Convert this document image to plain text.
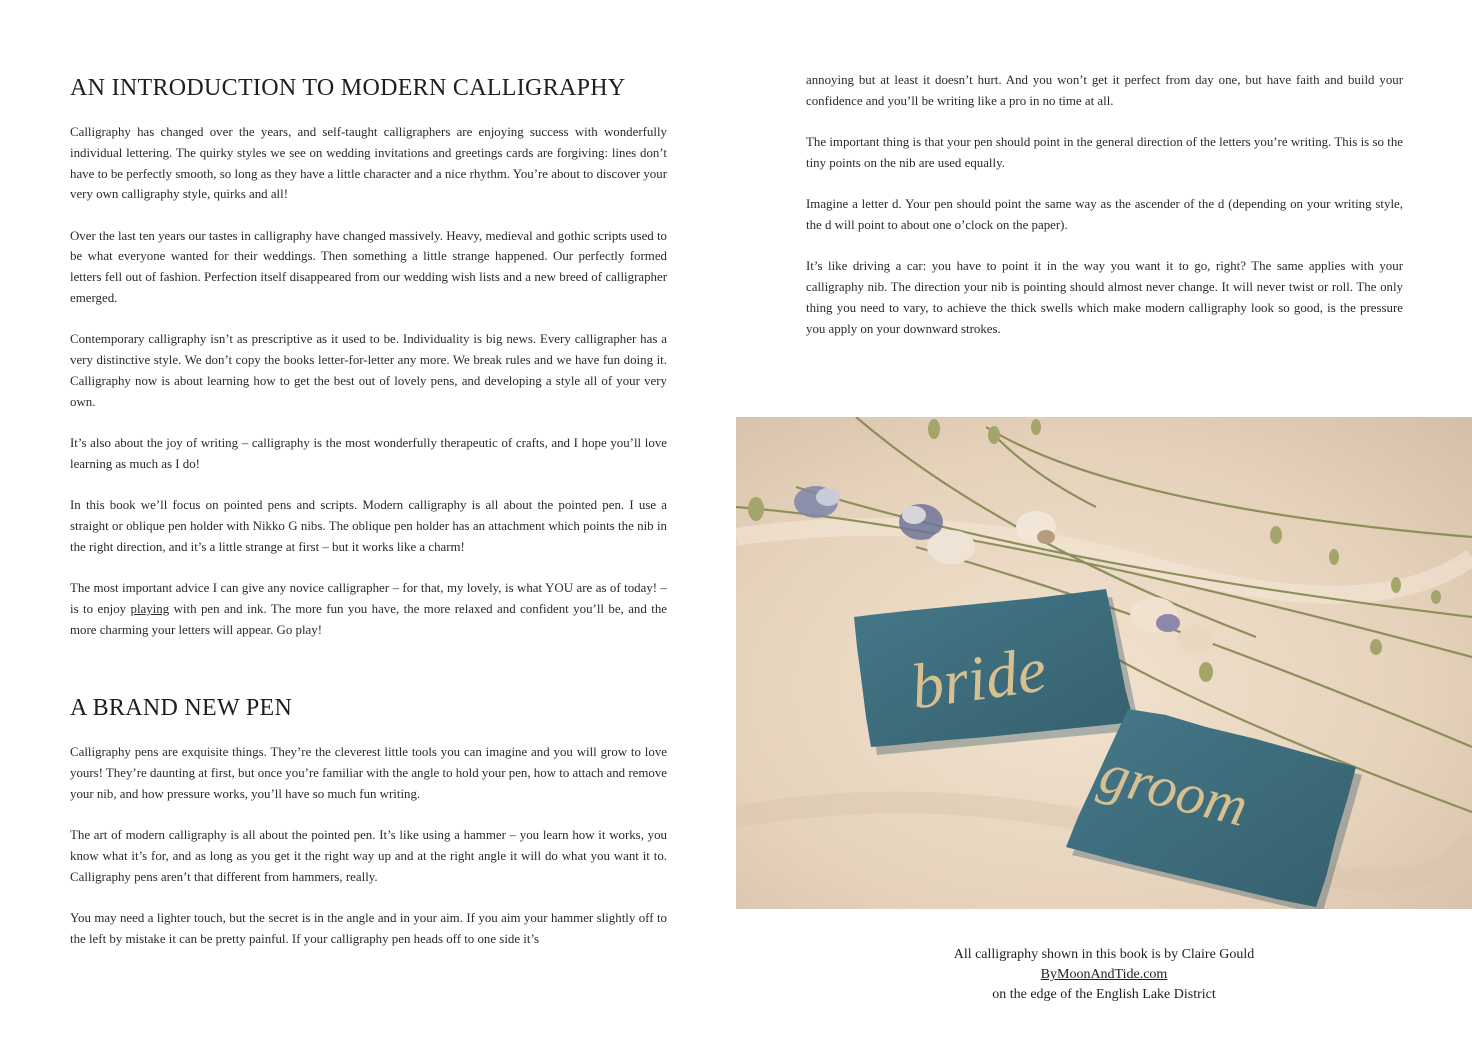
AN INTRODUCTION TO MODERN CALLIGRAPHY

Calligraphy has changed over the years, and self-taught calligraphers are enjoying success with wonderfully individual lettering. The quirky styles we see on wedding invitations and greetings cards are forgiving: lines don’t have to be perfectly smooth, so long as they have a little character and a nice rhythm. You’re about to discover your very own calligraphy style, quirks and all!

Over the last ten years our tastes in calligraphy have changed massively. Heavy, medieval and gothic scripts used to be what everyone wanted for their weddings. Then something a little strange happened. Our perfectly formed letters fell out of fashion. Perfection itself disappeared from our wedding wish lists and a new breed of calligrapher emerged.

Contemporary calligraphy isn’t as prescriptive as it used to be. Individuality is big news. Every calligrapher has a very distinctive style. We don’t copy the books letter-for-letter any more. We break rules and we have fun doing it. Calligraphy now is about learning how to get the best out of lovely pens, and developing a style all of your very own.

It’s also about the joy of writing – calligraphy is the most wonderfully therapeutic of crafts, and I hope you’ll love learning as much as I do!

In this book we’ll focus on pointed pens and scripts. Modern calligraphy is all about the pointed pen. I use a straight or oblique pen holder with Nikko G nibs. The oblique pen holder has an attachment which points the nib in the right direction, and it’s a little strange at first – but it works like a charm!

The most important advice I can give any novice calligrapher – for that, my lovely, is what YOU are as of today! – is to enjoy playing with pen and ink. The more fun you have, the more relaxed and confident you’ll be, and the more charming your letters will appear. Go play!

A BRAND NEW PEN

Calligraphy pens are exquisite things. They’re the cleverest little tools you can imagine and you will grow to love yours! They’re daunting at first, but once you’re familiar with the angle to hold your pen, how to attach and remove your nib, and how pressure works, you’ll have so much fun writing.

The art of modern calligraphy is all about the pointed pen. It’s like using a hammer – you learn how it works, you know what it’s for, and as long as you get it the right way up and at the right angle it will do what you want it to. Calligraphy pens aren’t that different from hammers, really.

You may need a lighter touch, but the secret is in the angle and in your aim. If you aim your hammer slightly off to the left by mistake it can be pretty painful. If your calligraphy pen heads off to one side it’s

annoying but at least it doesn’t hurt. And you won’t get it perfect from day one, but have faith and build your confidence and you’ll be writing like a pro in no time at all.

The important thing is that your pen should point in the general direction of the letters you’re writing. This is so the tiny points on the nib are used equally.

Imagine a letter d. Your pen should point the same way as the ascender of the d (depending on your writing style, the d will point to about one o’clock on the paper).

It’s like driving a car: you have to point it in the way you want it to go, right? The same applies with your calligraphy nib. The direction your nib is pointing should almost never change. It will never twist or roll. The only thing you need to vary, to achieve the thick swells which make modern calligraphy look so good, is the pressure you apply on your downward strokes.

bride
groom
All calligraphy shown in this book is by Claire Gould
ByMoonAndTide.com
on the edge of the English Lake District
